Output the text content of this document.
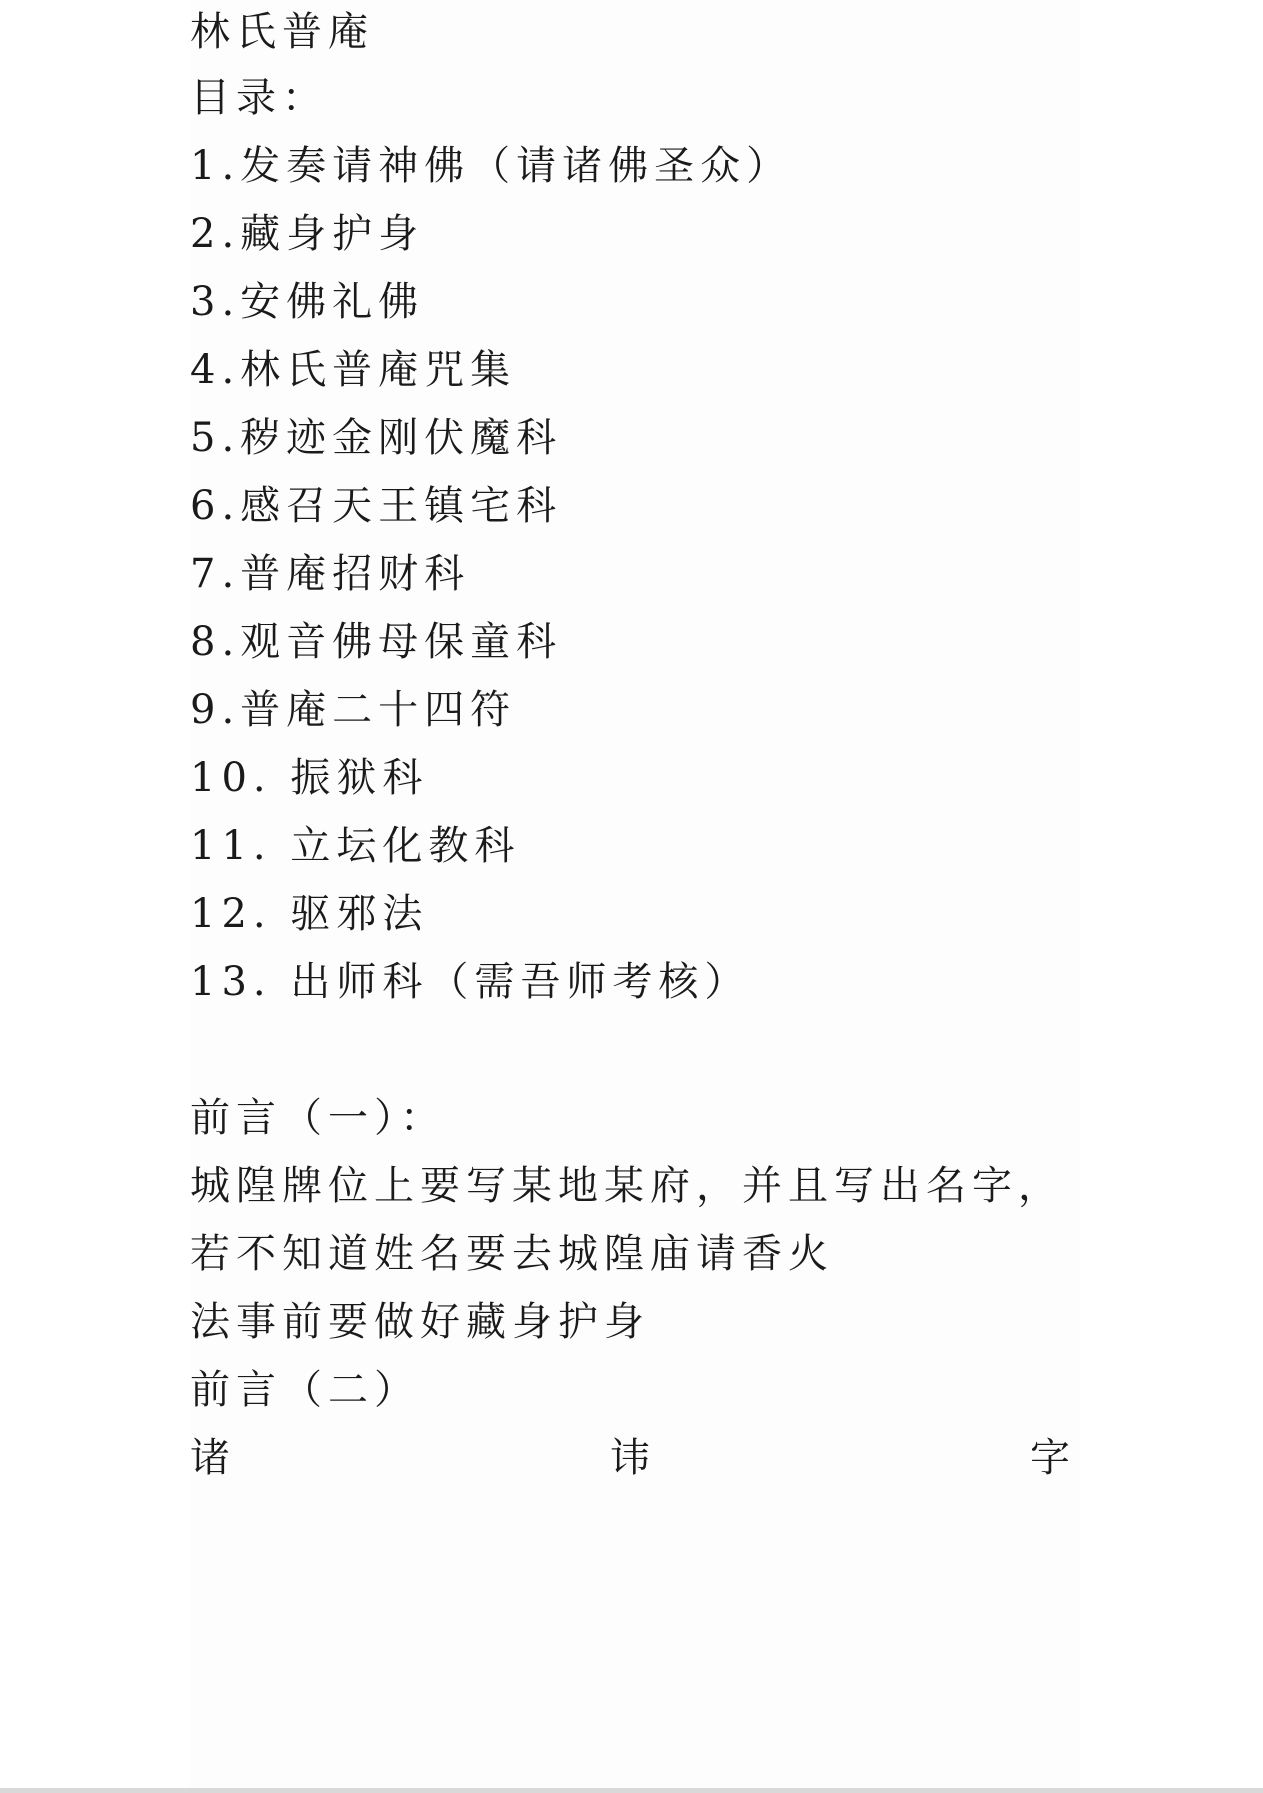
林氏普庵
目录：
1.发奏请神佛（请诸佛圣众）
2.藏身护身
3.安佛礼佛
4.林氏普庵咒集
5.秽迹金刚伏魔科
6.感召天王镇宅科
7.普庵招财科
8.观音佛母保童科
9.普庵二十四符
10. 振狱科
11. 立坛化教科
12. 驱邪法
13. 出师科（需吾师考核）
前言（一）：
城隍牌位上要写某地某府，并且写出名字，
若不知道姓名要去城隍庙请香火
法事前要做好藏身护身
前言（二）
诸	讳	字
